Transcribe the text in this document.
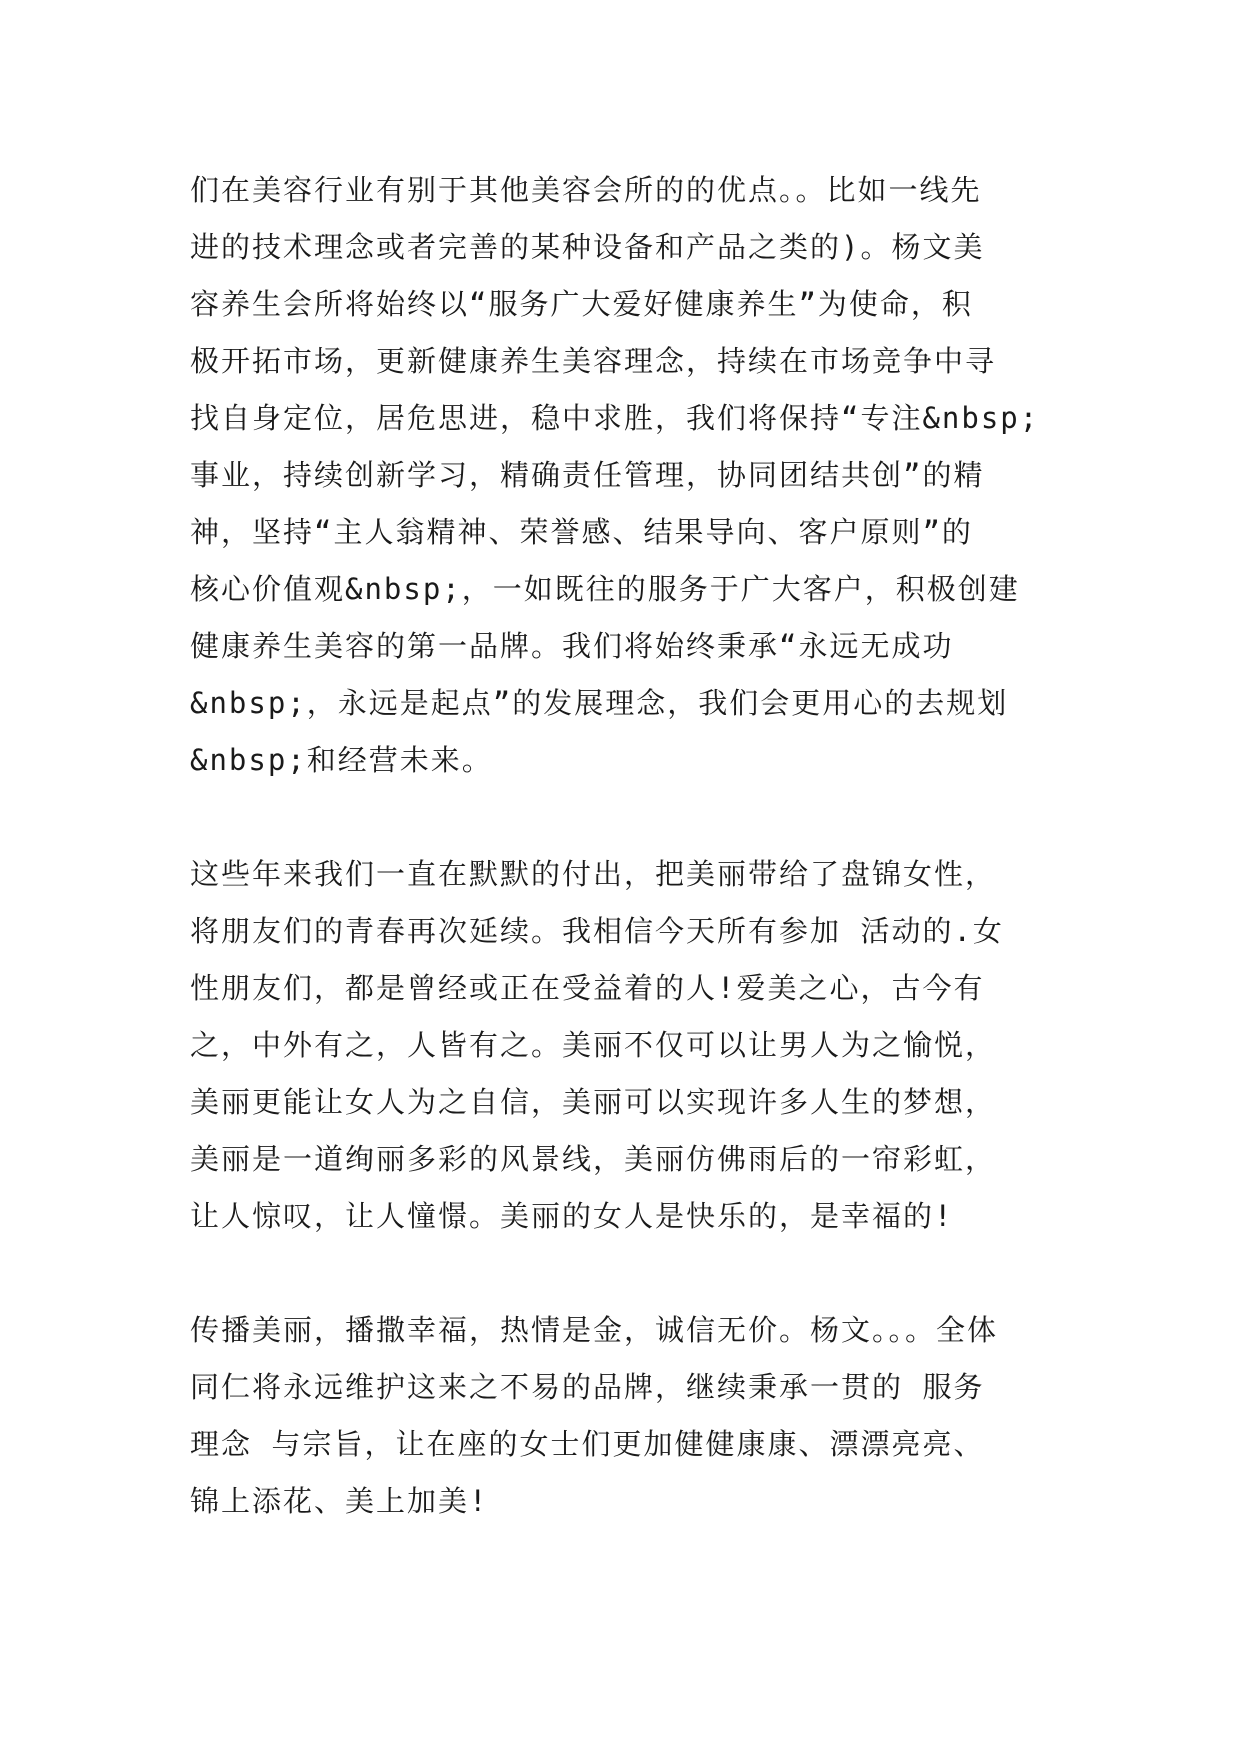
们在美容行业有别于其他美容会所的的优点。。比如一线先
进的技术理念或者完善的某种设备和产品之类的)。杨文美
容养生会所将始终以“服务广大爱好健康养生”为使命，积
极开拓市场，更新健康养生美容理念，持续在市场竞争中寻
找自身定位，居危思进，稳中求胜，我们将保持“专注&nbsp;
事业，持续创新学习，精确责任管理，协同团结共创”的精
神，坚持“主人翁精神、荣誉感、结果导向、客户原则”的
核心价值观&nbsp;，一如既往的服务于广大客户，积极创建
健康养生美容的第一品牌。我们将始终秉承“永远无成功
&nbsp;，永远是起点”的发展理念，我们会更用心的去规划
&nbsp;和经营未来。
这些年来我们一直在默默的付出，把美丽带给了盘锦女性，
将朋友们的青春再次延续。我相信今天所有参加 活动的.女
性朋友们，都是曾经或正在受益着的人!爱美之心，古今有
之，中外有之，人皆有之。美丽不仅可以让男人为之愉悦，
美丽更能让女人为之自信，美丽可以实现许多人生的梦想，
美丽是一道绚丽多彩的风景线，美丽仿佛雨后的一帘彩虹，
让人惊叹，让人憧憬。美丽的女人是快乐的，是幸福的!
传播美丽，播撒幸福，热情是金，诚信无价。杨文。。。全体
同仁将永远维护这来之不易的品牌，继续秉承一贯的 服务
理念 与宗旨，让在座的女士们更加健健康康、漂漂亮亮、
锦上添花、美上加美!
